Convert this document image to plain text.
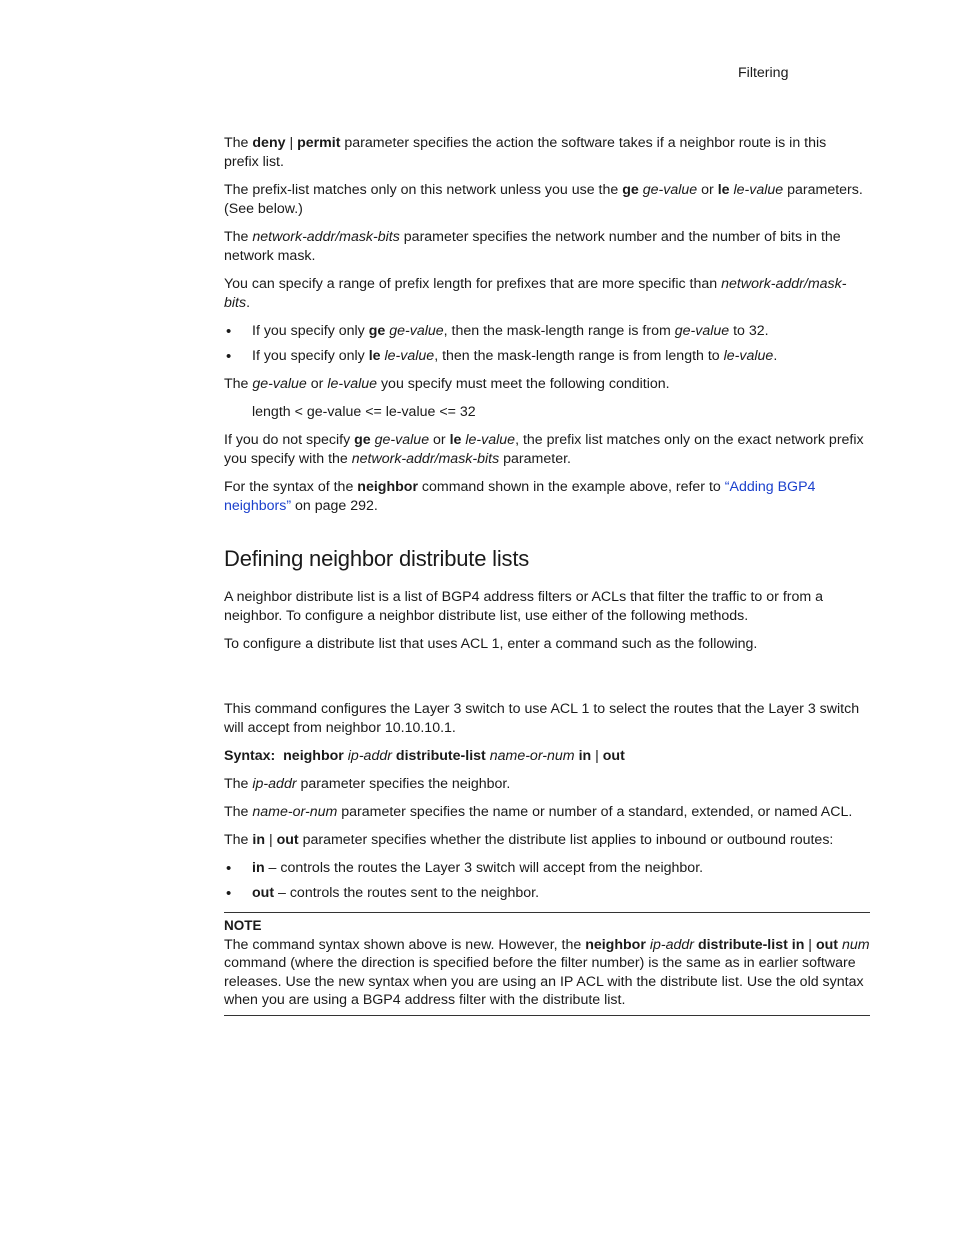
Filtering

The deny | permit parameter specifies the action the software takes if a neighbor route is in this prefix list.

The prefix-list matches only on this network unless you use the ge ge-value or le le-value parameters. (See below.)

The network-addr/mask-bits parameter specifies the network number and the number of bits in the network mask.

You can specify a range of prefix length for prefixes that are more specific than network-addr/mask-bits.

• If you specify only ge ge-value, then the mask-length range is from ge-value to 32.
• If you specify only le le-value, then the mask-length range is from length to le-value.

The ge-value or le-value you specify must meet the following condition.

length < ge-value <= le-value <= 32

If you do not specify ge ge-value or le le-value, the prefix list matches only on the exact network prefix you specify with the network-addr/mask-bits parameter.

For the syntax of the neighbor command shown in the example above, refer to “Adding BGP4 neighbors” on page 292.

Defining neighbor distribute lists

A neighbor distribute list is a list of BGP4 address filters or ACLs that filter the traffic to or from a neighbor. To configure a neighbor distribute list, use either of the following methods.

To configure a distribute list that uses ACL 1, enter a command such as the following.

This command configures the Layer 3 switch to use ACL 1 to select the routes that the Layer 3 switch will accept from neighbor 10.10.10.1.

Syntax: neighbor ip-addr distribute-list name-or-num in | out

The ip-addr parameter specifies the neighbor.

The name-or-num parameter specifies the name or number of a standard, extended, or named ACL.

The in | out parameter specifies whether the distribute list applies to inbound or outbound routes:

• in – controls the routes the Layer 3 switch will accept from the neighbor.
• out – controls the routes sent to the neighbor.
NOTE
The command syntax shown above is new. However, the neighbor ip-addr distribute-list in | out num command (where the direction is specified before the filter number) is the same as in earlier software releases. Use the new syntax when you are using an IP ACL with the distribute list. Use the old syntax when you are using a BGP4 address filter with the distribute list.
